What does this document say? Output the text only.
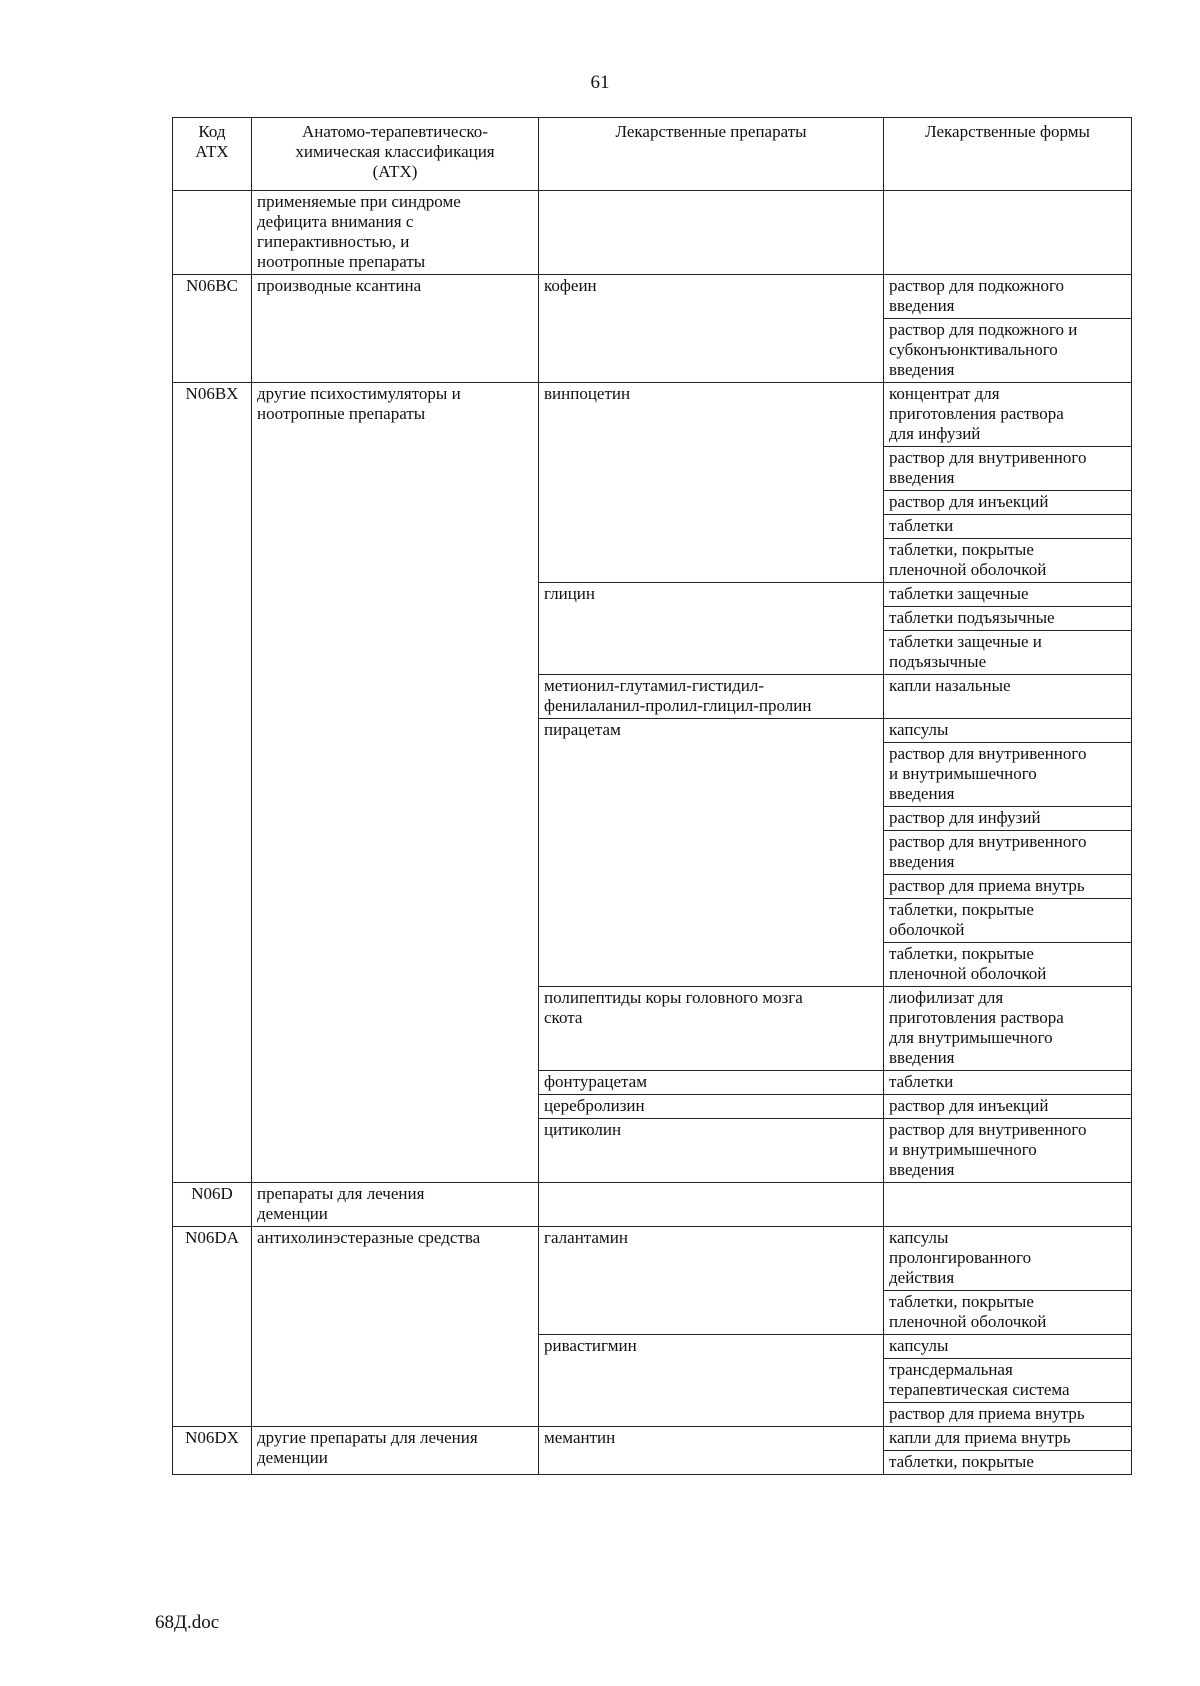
61
Код
АТХ	Анатомо-терапевтическо-
химическая классификация
(АТХ)	Лекарственные препараты	Лекарственные формы

	применяемые при синдроме
дефицита внимания с
гиперактивностью, и
ноотропные препараты		

N06BC	производные ксантина	кофеин	раствор для подкожного
введения

			раствор для подкожного и
субконъюнктивального
введения

N06BX	другие психостимуляторы и
ноотропные препараты	винпоцетин	концентрат для
приготовления раствора
для инфузий

			раствор для внутривенного
введения

			раствор для инъекций

			таблетки

			таблетки, покрытые
пленочной оболочкой

		глицин	таблетки защечные

			таблетки подъязычные

			таблетки защечные и
подъязычные

		метионил-глутамил-гистидил-
фенилаланил-пролил-глицил-пролин	капли назальные

		пирацетам	капсулы

			раствор для внутривенного
и внутримышечного
введения

			раствор для инфузий

			раствор для внутривенного
введения

			раствор для приема внутрь

			таблетки, покрытые
оболочкой

			таблетки, покрытые
пленочной оболочкой

		полипептиды коры головного мозга
скота	лиофилизат для
приготовления раствора
для внутримышечного
введения

		фонтурацетам	таблетки

		церебролизин	раствор для инъекций

		цитиколин	раствор для внутривенного
и внутримышечного
введения

N06D	препараты для лечения
деменции		

N06DA	антихолинэстеразные средства	галантамин	капсулы
пролонгированного
действия

			таблетки, покрытые
пленочной оболочкой

		ривастигмин	капсулы

			трансдермальная
терапевтическая система

			раствор для приема внутрь

N06DX	другие препараты для лечения
деменции	мемантин	капли для приема внутрь

			таблетки, покрытые
68Д.doc
